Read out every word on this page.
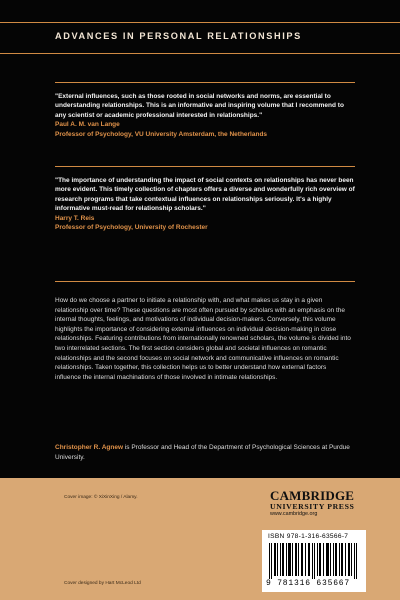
ADVANCES IN PERSONAL RELATIONSHIPS

"External influences, such as those rooted in social networks and norms, are essential to understanding relationships. This is an informative and inspiring volume that I recommend to any scientist or academic professional interested in relationships."

Paul A. M. van Lange
Professor of Psychology, VU University Amsterdam, the Netherlands

"The importance of understanding the impact of social contexts on relationships has never been more evident. This timely collection of chapters offers a diverse and wonderfully rich overview of research programs that take contextual influences on relationships seriously. It's a highly informative must-read for relationship scholars."

Harry T. Reis
Professor of Psychology, University of Rochester

How do we choose a partner to initiate a relationship with, and what makes us stay in a given relationship over time? These questions are most often pursued by scholars with an emphasis on the internal thoughts, feelings, and motivations of individual decision-makers. Conversely, this volume highlights the importance of considering external influences on individual decision-making in close relationships. Featuring contributions from internationally renowned scholars, the volume is divided into two interrelated sections. The first section considers global and societal influences on romantic relationships and the second focuses on social network and communicative influences on romantic relationships. Taken together, this collection helps us to better understand how external factors influence the internal machinations of those involved in intimate relationships.

Christopher R. Agnew is Professor and Head of the Department of Psychological Sciences at Purdue University.

Cover image: © XiXinXing / Alamy.
Cover designed by Hart McLeod Ltd
CAMBRIDGE
UNIVERSITY PRESS
www.cambridge.org
ISBN 978-1-316-63566-7
9 781316 635667
